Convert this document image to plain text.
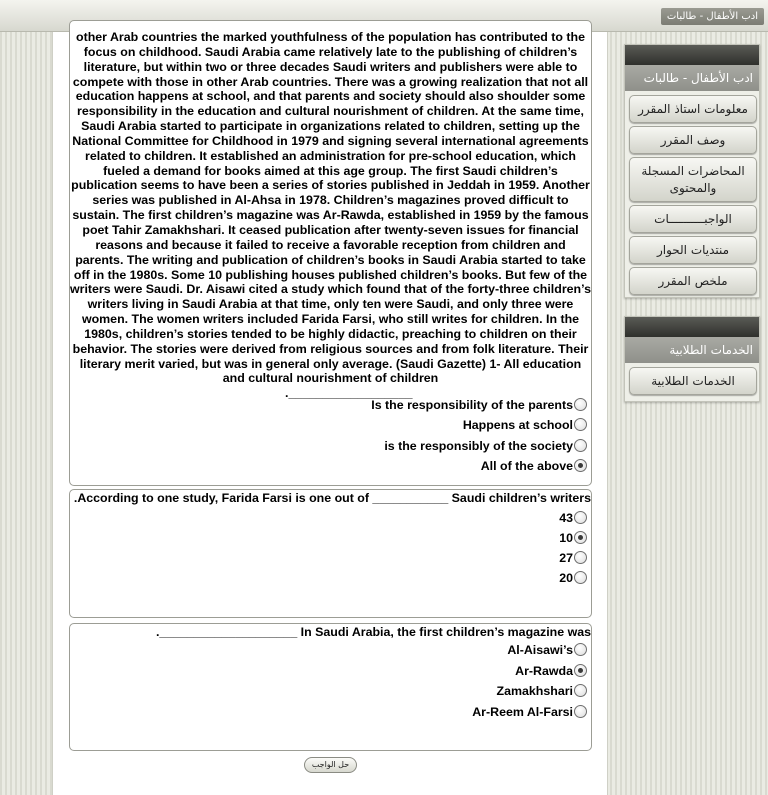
ادب الأطفال - طالبات
other Arab countries the marked youthfulness of the population has contributed to the focus on childhood. Saudi Arabia came relatively late to the publishing of children’s literature, but within two or three decades Saudi writers and publishers were able to compete with those in other Arab countries. There was a growing realization that not all education happens at school, and that parents and society should also shoulder some responsibility in the education and cultural nourishment of children. At the same time, Saudi Arabia started to participate in organizations related to children, setting up the National Committee for Childhood in 1979 and signing several international agreements related to children. It established an administration for pre-school education, which fueled a demand for books aimed at this age group. The first Saudi children’s publication seems to have been a series of stories published in Jeddah in 1959. Another series was published in Al-Ahsa in 1978. Children’s magazines proved difficult to sustain. The first children’s magazine was Ar-Rawda, established in 1959 by the famous poet Tahir Zamakhshari. It ceased publication after twenty-seven issues for financial reasons and because it failed to receive a favorable reception from children and parents. The writing and publication of children’s books in Saudi Arabia started to take off in the 1980s. Some 10 publishing houses published children’s books. But few of the writers were Saudi. Dr. Aisawi cited a study which found that of the forty-three children’s writers living in Saudi Arabia at that time, only ten were Saudi, and only three were women. The women writers included Farida Farsi, who still writes for children. In the 1980s, children’s stories tended to be highly didactic, preaching to children on their behavior. The stories were derived from religious sources and from folk literature. Their literary merit varied, but was in general only average. (Saudi Gazette) 1- All education and cultural nourishment of children
.__________________
Is the responsibility of the parents
Happens at school
is the responsibly of the society
All of the above
.According to one study, Farida Farsi is one out of ___________ Saudi children’s writers
43
10
27
20
.____________________ In Saudi Arabia, the first children’s magazine was
Al-Aisawi’s
Ar-Rawda
Zamakhshari
Ar-Reem Al-Farsi
حل الواجب
ادب الأطفال - طالبات
معلومات استاذ المقرر
وصف المقرر
المحاضرات المسجلة والمحتوى
الواجبــــــــــات
منتديات الحوار
ملخص المقرر
الخدمات الطلابية
الخدمات الطلابية
